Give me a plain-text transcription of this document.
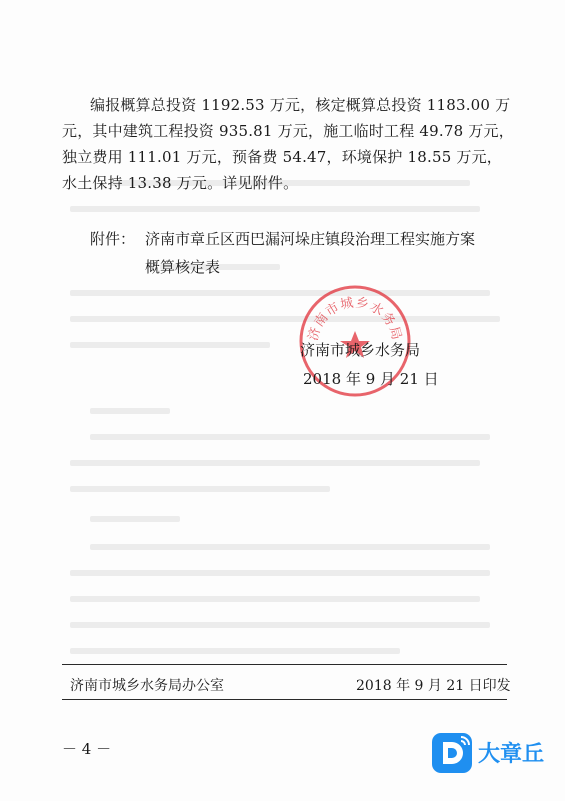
编报概算总投资 1192.53 万元，核定概算总投资 1183.00 万
元，其中建筑工程投资 935.81 万元，施工临时工程 49.78 万元，
独立费用 111.01 万元，预备费 54.47，环境保护 18.55 万元，
水土保持 13.38 万元。详见附件。
附件： 济南市章丘区西巴漏河垛庄镇段治理工程实施方案
概算核定表
济南市城乡水务局
济南市城乡水务局
2018 年 9 月 21 日
济南市城乡水务局办公室	2018 年 9 月 21 日印发
－ 4 －	大章丘
